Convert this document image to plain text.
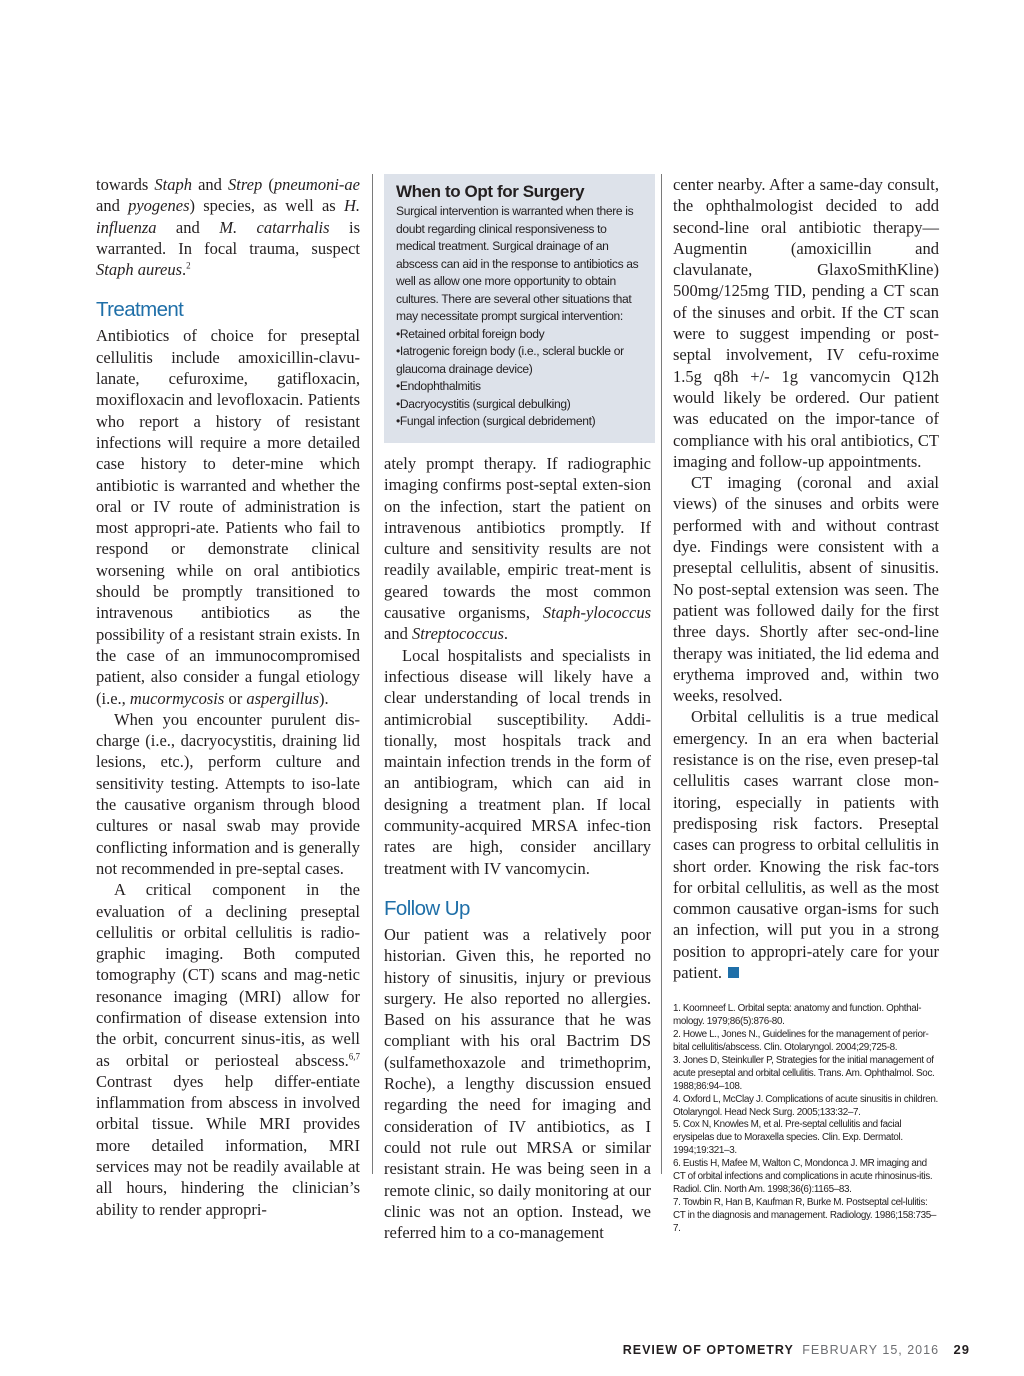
towards Staph and Strep (pneumoni-ae and pyogenes) species, as well as H. influenza and M. catarrhalis is warranted. In focal trauma, suspect Staph aureus.$^2$

Treatment

Antibiotics of choice for preseptal cellulitis include amoxicillin-clavu-lanate, cefuroxime, gatifloxacin, moxifloxacin and levofloxacin. Patients who report a history of resistant infections will require a more detailed case history to deter-mine which antibiotic is warranted and whether the oral or IV route of administration is most appropri-ate. Patients who fail to respond or demonstrate clinical worsening while on oral antibiotics should be promptly transitioned to intravenous antibiotics as the possibility of a resistant strain exists. In the case of an immunocompromised patient, also consider a fungal etiology (i.e., mucormycosis or aspergillus).

When you encounter purulent dis-charge (i.e., dacryocystitis, draining lid lesions, etc.), perform culture and sensitivity testing. Attempts to iso-late the causative organism through blood cultures or nasal swab may provide conflicting information and is generally not recommended in pre-septal cases.

A critical component in the evaluation of a declining preseptal cellulitis or orbital cellulitis is radio-graphic imaging. Both computed tomography (CT) scans and mag-netic resonance imaging (MRI) allow for confirmation of disease extension into the orbit, concurrent sinus-itis, as well as orbital or periosteal abscess.$^{6,7}$ Contrast dyes help differ-entiate inflammation from abscess in involved orbital tissue. While MRI provides more detailed information, MRI services may not be readily available at all hours, hindering the clinician’s ability to render appropri-

When to Opt for Surgery
Surgical intervention is warranted when there is doubt regarding clinical responsiveness to medical treatment. Surgical drainage of an abscess can aid in the response to antibiotics as well as allow one more opportunity to obtain cultures. There are several other situations that may necessitate prompt surgical intervention:
• Retained orbital foreign body
• Iatrogenic foreign body (i.e., scleral buckle or glaucoma drainage device)
• Endophthalmitis
• Dacryocystitis (surgical debulking)
• Fungal infection (surgical debridement)

ately prompt therapy. If radiographic imaging confirms post-septal exten-sion on the infection, start the patient on intravenous antibiotics promptly. If culture and sensitivity results are not readily available, empiric treat-ment is geared towards the most common causative organisms, Staph-ylococcus and Streptococcus.

Local hospitalists and specialists in infectious disease will likely have a clear understanding of local trends in antimicrobial susceptibility. Addi-tionally, most hospitals track and maintain infection trends in the form of an antibiogram, which can aid in designing a treatment plan. If local community-acquired MRSA infec-tion rates are high, consider ancillary treatment with IV vancomycin.

Follow Up

Our patient was a relatively poor historian. Given this, he reported no history of sinusitis, injury or previous surgery. He also reported no allergies. Based on his assurance that he was compliant with his oral Bactrim DS (sulfamethoxazole and trimethoprim, Roche), a lengthy discussion ensued regarding the need for imaging and consideration of IV antibiotics, as I could not rule out MRSA or similar resistant strain. He was being seen in a remote clinic, so daily monitoring at our clinic was not an option. Instead, we referred him to a co-management

center nearby. After a same-day consult, the ophthalmologist decided to add second-line oral antibiotic therapy—Augmentin (amoxicillin and clavulanate, GlaxoSmithKline) 500mg/125mg TID, pending a CT scan of the sinuses and orbit. If the CT scan were to suggest impending or post-septal involvement, IV cefu-roxime 1.5g q8h +/- 1g vancomycin Q12h would likely be ordered. Our patient was educated on the impor-tance of compliance with his oral antibiotics, CT imaging and follow-up appointments.

CT imaging (coronal and axial views) of the sinuses and orbits were performed with and without contrast dye. Findings were consistent with a preseptal cellulitis, absent of sinusitis. No post-septal extension was seen. The patient was followed daily for the first three days. Shortly after sec-ond-line therapy was initiated, the lid edema and erythema improved and, within two weeks, resolved.

Orbital cellulitis is a true medical emergency. In an era when bacterial resistance is on the rise, even presep-tal cellulitis cases warrant close mon-itoring, especially in patients with predisposing risk factors. Preseptal cases can progress to orbital cellulitis in short order. Knowing the risk fac-tors for orbital cellulitis, as well as the most common causative organ-isms for such an infection, will put you in a strong position to appropri-ately care for your patient.

1. Koornneef L. Orbital septa: anatomy and function. Ophthal-mology. 1979;86(5):876-80.
2. Howe L., Jones N., Guidelines for the management of perior-bital cellulitis/abscess. Clin. Otolaryngol. 2004;29;725-8.
3. Jones D, Steinkuller P, Strategies for the initial management of acute preseptal and orbital cellulitis. Trans. Am. Ophthalmol. Soc. 1988;86:94–108.
4. Oxford L, McClay J. Complications of acute sinusitis in children. Otolaryngol. Head Neck Surg. 2005;133:32–7.
5. Cox N, Knowles M, et al. Pre-septal cellulitis and facial erysipelas due to Moraxella species. Clin. Exp. Dermatol. 1994;19:321–3.
6. Eustis H, Mafee M, Walton C, Mondonca J. MR imaging and CT of orbital infections and complications in acute rhinosinus-itis. Radiol. Clin. North Am. 1998;36(6):1165–83.
7. Towbin R, Han B, Kaufman R, Burke M. Postseptal cel-lulitis: CT in the diagnosis and management. Radiology. 1986;158:735–7.
REVIEW OF OPTOMETRY FEBRUARY 15, 2016 29
